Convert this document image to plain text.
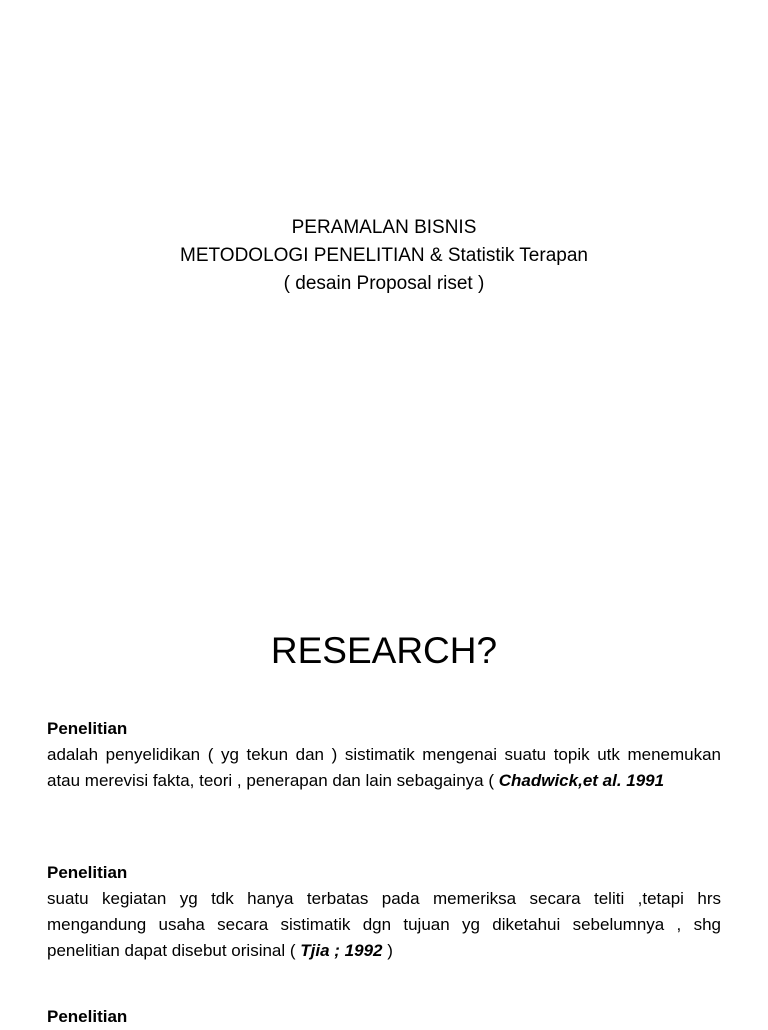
PERAMALAN BISNIS
METODOLOGI PENELITIAN & Statistik Terapan
( desain Proposal riset )
RESEARCH?
Penelitian
adalah penyelidikan ( yg tekun dan ) sistimatik mengenai suatu topik utk menemukan atau merevisi fakta, teori , penerapan dan lain sebagainya ( Chadwick,et al. 1991
Penelitian
suatu kegiatan yg tdk hanya terbatas pada memeriksa secara teliti ,tetapi hrs mengandung usaha secara sistimatik dgn tujuan yg diketahui sebelumnya , shg penelitian dapat disebut orisinal ( Tjia ; 1992 )
Penelitian
